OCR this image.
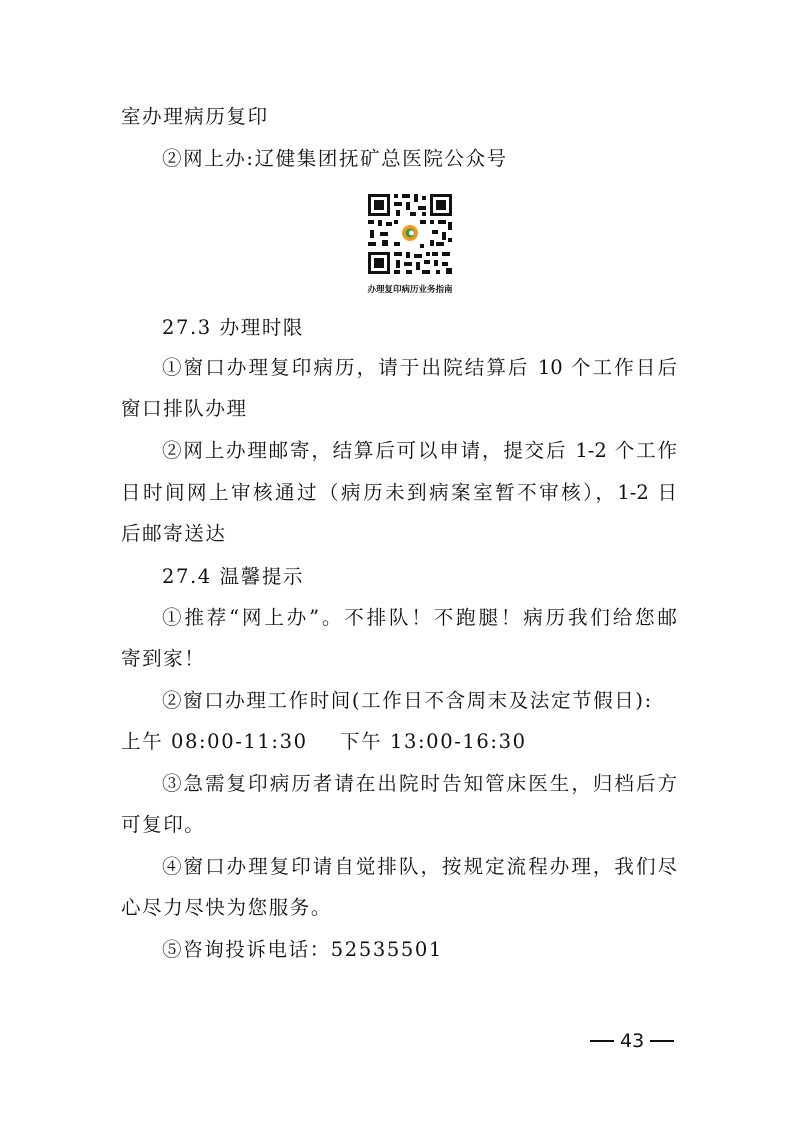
室办理病历复印
②网上办:辽健集团抚矿总医院公众号
办理复印病历业务指南
27.3 办理时限
①窗口办理复印病历，请于出院结算后 10 个工作日后
窗口排队办理
②网上办理邮寄，结算后可以申请，提交后 1-2 个工作
日时间网上审核通过（病历未到病案室暂不审核），1-2 日
后邮寄送达
27.4 温馨提示
①推荐“网上办”。不排队！不跑腿！病历我们给您邮
寄到家！
②窗口办理工作时间(工作日不含周末及法定节假日):
上午 08:00-11:30 下午 13:00-16:30
③急需复印病历者请在出院时告知管床医生，归档后方
可复印。
④窗口办理复印请自觉排队，按规定流程办理，我们尽
心尽力尽快为您服务。
⑤咨询投诉电话：52535501
43
